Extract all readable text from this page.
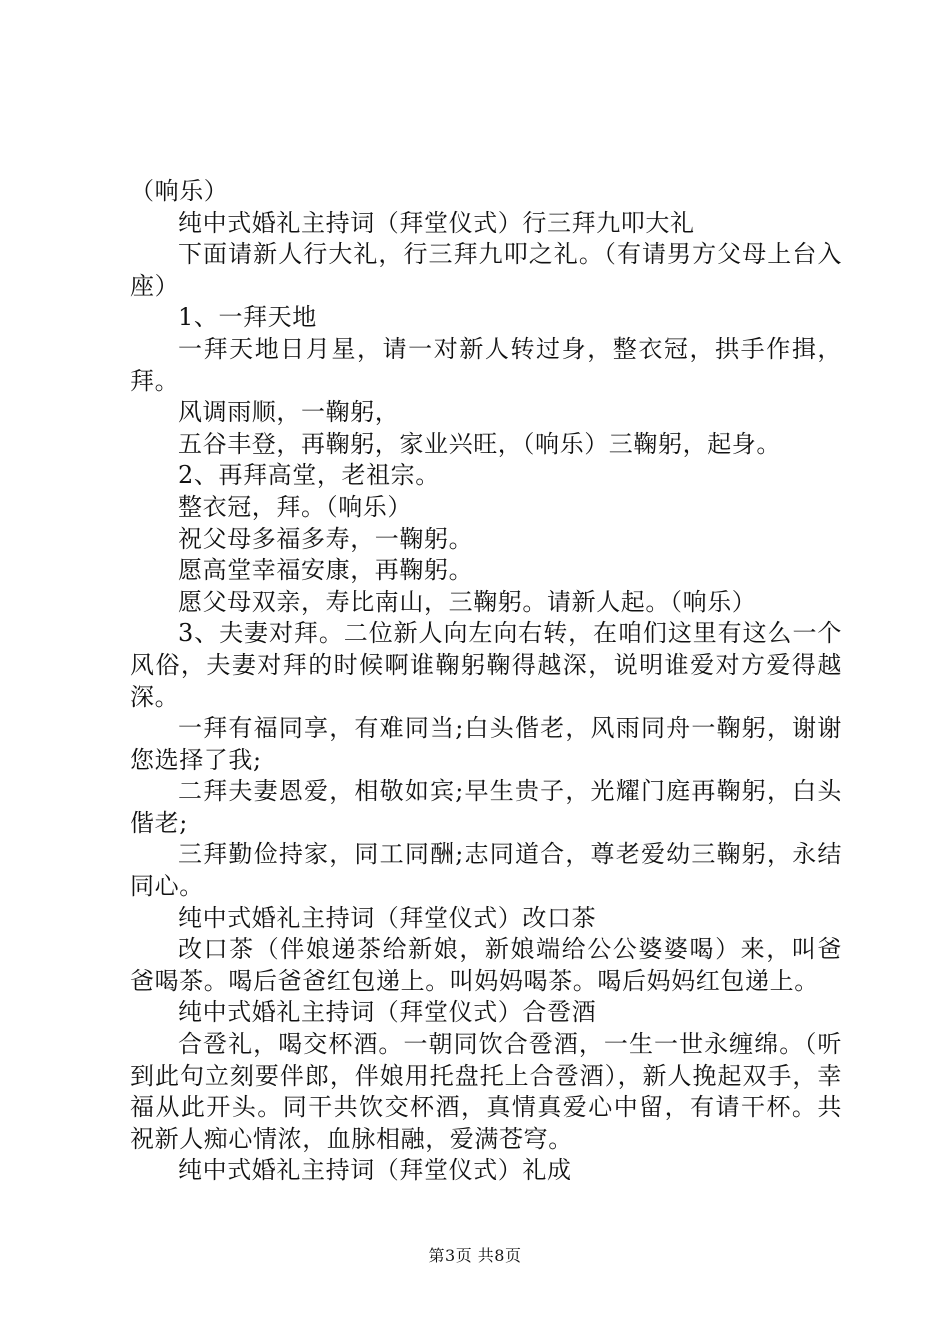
（响乐）

纯中式婚礼主持词（拜堂仪式）行三拜九叩大礼

下面请新人行大礼，行三拜九叩之礼。（有请男方父母上台入座）

1、一拜天地

一拜天地日月星，请一对新人转过身，整衣冠，拱手作揖，拜。

风调雨顺，一鞠躬，

五谷丰登，再鞠躬，家业兴旺，（响乐）三鞠躬，起身。

2、再拜高堂，老祖宗。

整衣冠，拜。（响乐）

祝父母多福多寿，一鞠躬。

愿高堂幸福安康，再鞠躬。

愿父母双亲，寿比南山，三鞠躬。请新人起。（响乐）

3、夫妻对拜。二位新人向左向右转，在咱们这里有这么一个风俗，夫妻对拜的时候啊谁鞠躬鞠得越深，说明谁爱对方爱得越深。

一拜有福同享，有难同当;白头偕老，风雨同舟一鞠躬，谢谢您选择了我;

二拜夫妻恩爱，相敬如宾;早生贵子，光耀门庭再鞠躬，白头偕老;

三拜勤俭持家，同工同酬;志同道合，尊老爱幼三鞠躬，永结同心。

纯中式婚礼主持词（拜堂仪式）改口茶

改口茶（伴娘递茶给新娘，新娘端给公公婆婆喝）来，叫爸爸喝茶。喝后爸爸红包递上。叫妈妈喝茶。喝后妈妈红包递上。

纯中式婚礼主持词（拜堂仪式）合卺酒

合卺礼，喝交杯酒。一朝同饮合卺酒，一生一世永缠绵。（听到此句立刻要伴郎，伴娘用托盘托上合卺酒），新人挽起双手，幸福从此开头。同干共饮交杯酒，真情真爱心中留，有请干杯。共祝新人痴心情浓，血脉相融，爱满苍穹。

纯中式婚礼主持词（拜堂仪式）礼成

第3页 共8页
